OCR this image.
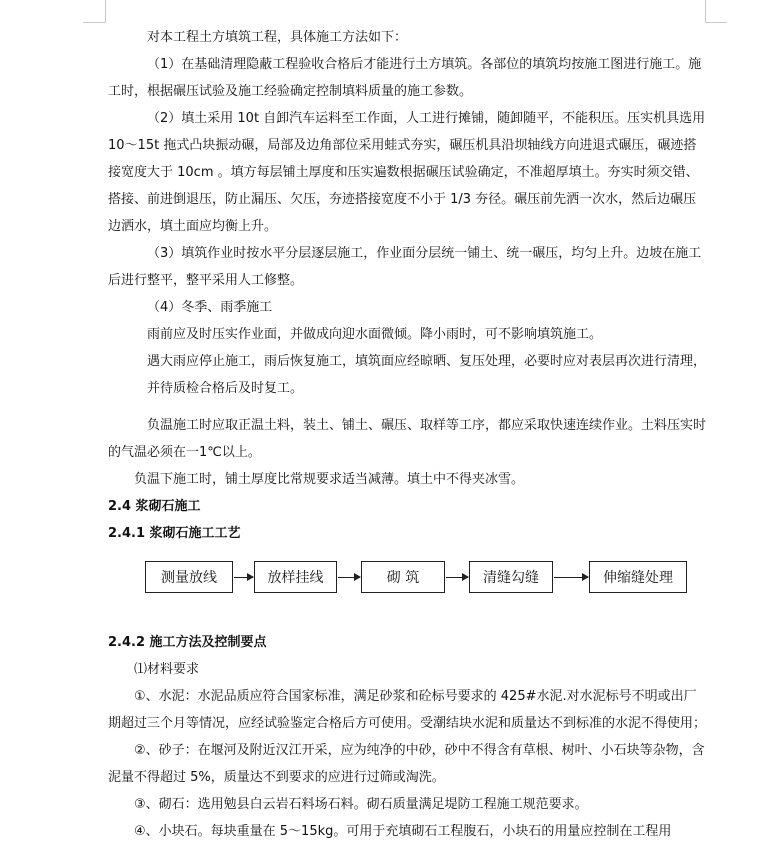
对本工程土方填筑工程，具体施工方法如下：

（1）在基础清理隐蔽工程验收合格后才能进行土方填筑。各部位的填筑均按施工图进行施工。施工时，根据碾压试验及施工经验确定控制填料质量的施工参数。

（2）填土采用 10t 自卸汽车运料至工作面，人工进行摊铺，随卸随平，不能积压。压实机具选用 10～15t 拖式凸块振动碾，局部及边角部位采用蛙式夯实，碾压机具沿坝轴线方向进退式碾压，碾迹搭接宽度大于 10cm 。填方每层铺土厚度和压实遍数根据碾压试验确定，不准超厚填土。夯实时须交错、搭接、前进倒退压，防止漏压、欠压，夯迹搭接宽度不小于 1/3 夯径。碾压前先洒一次水，然后边碾压边洒水，填土面应均衡上升。

（3）填筑作业时按水平分层逐层施工，作业面分层统一铺土、统一碾压，均匀上升。边坡在施工后进行整平，整平采用人工修整。

（4）冬季、雨季施工

雨前应及时压实作业面，并做成向迎水面微倾。降小雨时，可不影响填筑施工。

遇大雨应停止施工，雨后恢复施工，填筑面应经晾晒、复压处理，必要时应对表层再次进行清理，并待质检合格后及时复工。

负温施工时应取正温土料，装土、铺土、碾压、取样等工序，都应采取快速连续作业。土料压实时的气温必须在一1℃以上。

负温下施工时，铺土厚度比常规要求适当减薄。填土中不得夹冰雪。

2.4 浆砌石施工

2.4.1 浆砌石施工工艺

测量放线	放样挂线	砌 筑	清缝勾缝	伸缩缝处理

2.4.2 施工方法及控制要点

⑴材料要求

①、水泥：水泥品质应符合国家标准，满足砂浆和砼标号要求的 425#水泥.对水泥标号不明或出厂期超过三个月等情况，应经试验鉴定合格后方可使用。受潮结块水泥和质量达不到标准的水泥不得使用；

②、砂子：在堰河及附近汉江开采，应为纯净的中砂，砂中不得含有草根、树叶、小石块等杂物，含泥量不得超过 5%，质量达不到要求的应进行过筛或淘洗。

③、砌石：选用勉县白云岩石料场石料。砌石质量满足堤防工程施工规范要求。

④、小块石。每块重量在 5～15kg。可用于充填砌石工程腹石，小块石的用量应控制在工程用
